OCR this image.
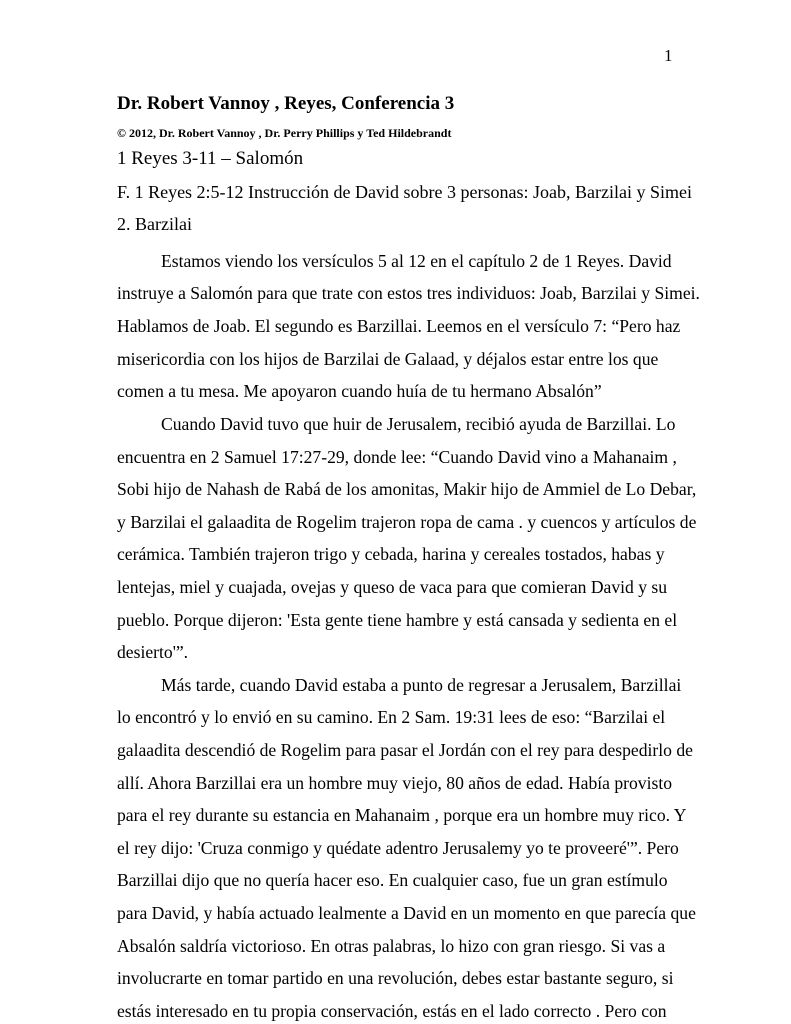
1
Dr. Robert Vannoy , Reyes, Conferencia 3
© 2012, Dr. Robert Vannoy , Dr. Perry Phillips y Ted Hildebrandt
1 Reyes 3-11 – Salomón
F. 1 Reyes 2:5-12 Instrucción de David sobre 3 personas: Joab, Barzilai y Simei
2. Barzilai
Estamos viendo los versículos 5 al 12 en el capítulo 2 de 1 Reyes. David
instruye a Salomón para que trate con estos tres individuos: Joab, Barzilai y Simei.
Hablamos de Joab. El segundo es Barzillai. Leemos en el versículo 7: “Pero haz
misericordia con los hijos de Barzilai de Galaad, y déjalos estar entre los que
comen a tu mesa. Me apoyaron cuando huía de tu hermano Absalón”
Cuando David tuvo que huir de Jerusalem, recibió ayuda de Barzillai. Lo
encuentra en 2 Samuel 17:27-29, donde lee: “Cuando David vino a Mahanaim ,
Sobi hijo de Nahash de Rabá de los amonitas, Makir hijo de Ammiel de Lo Debar,
y Barzilai el galaadita de Rogelim trajeron ropa de cama . y cuencos y artículos de
cerámica. También trajeron trigo y cebada, harina y cereales tostados, habas y
lentejas, miel y cuajada, ovejas y queso de vaca para que comieran David y su
pueblo. Porque dijeron: 'Esta gente tiene hambre y está cansada y sedienta en el
desierto'”.
Más tarde, cuando David estaba a punto de regresar a Jerusalem, Barzillai
lo encontró y lo envió en su camino. En 2 Sam. 19:31 lees de eso: “Barzilai el
galaadita descendió de Rogelim para pasar el Jordán con el rey para despedirlo de
allí. Ahora Barzillai era un hombre muy viejo, 80 años de edad. Había provisto
para el rey durante su estancia en Mahanaim , porque era un hombre muy rico. Y
el rey dijo: 'Cruza conmigo y quédate adentro Jerusalemy yo te proveeré'”. Pero
Barzillai dijo que no quería hacer eso. En cualquier caso, fue un gran estímulo
para David, y había actuado lealmente a David en un momento en que parecía que
Absalón saldría victorioso. En otras palabras, lo hizo con gran riesgo. Si vas a
involucrarte en tomar partido en una revolución, debes estar bastante seguro, si
estás interesado en tu propia conservación, estás en el lado correcto . Pero con
